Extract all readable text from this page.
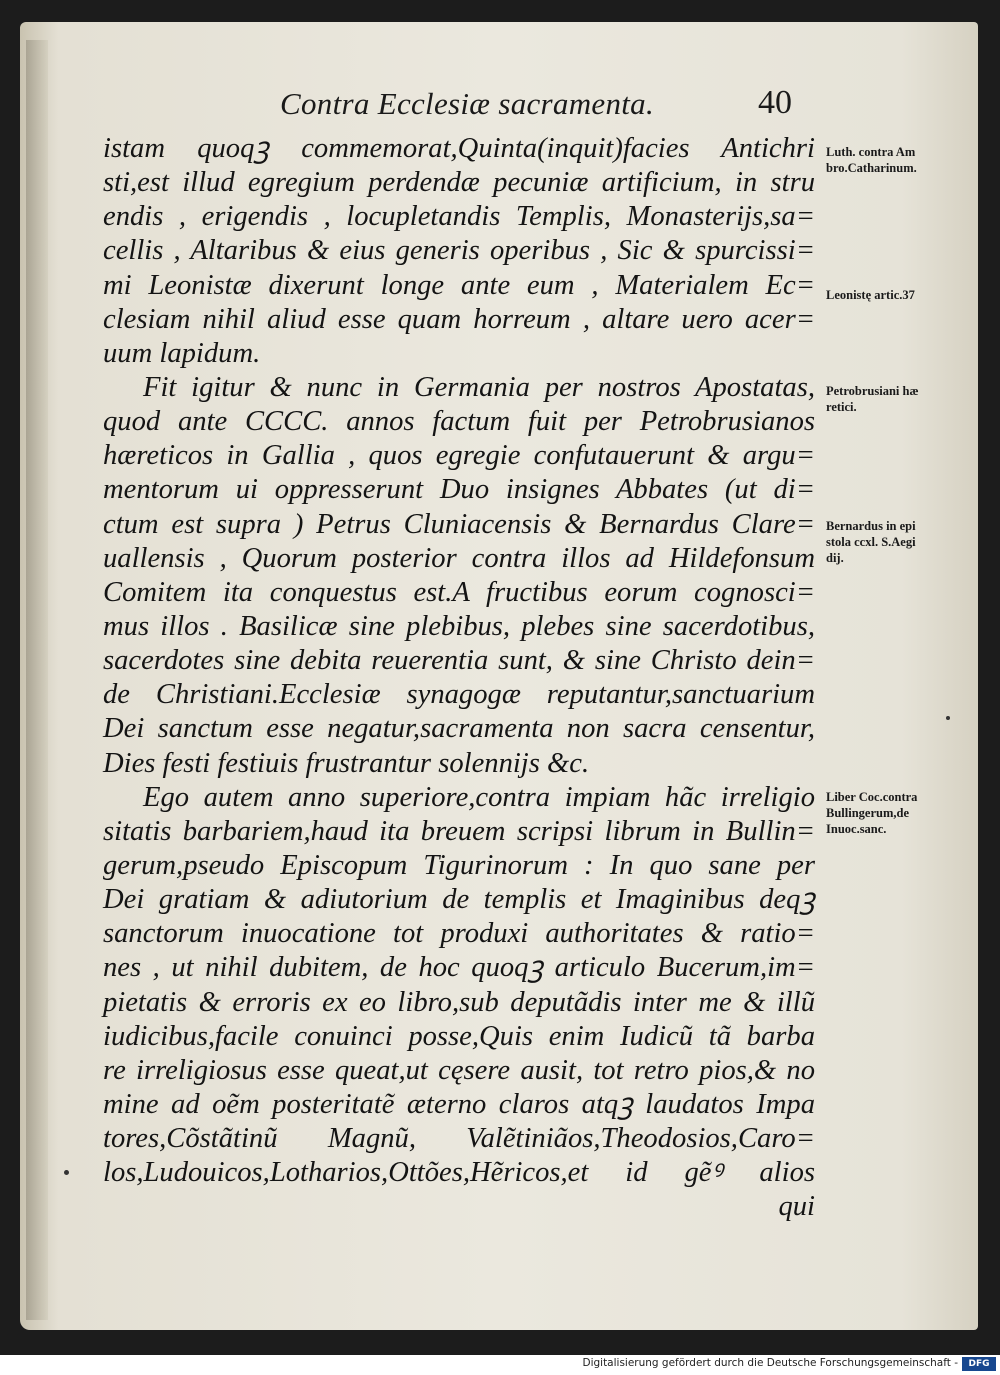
Contra Ecclesiæ sacramenta.	40
istam quoqꝫ commemorat,Quinta(inquit)facies Antichri
sti,est illud egregium perdendæ pecuniæ artificium, in stru
endis , erigendis , locupletandis Templis, Monasterijs,sa=
cellis , Altaribus & eius generis operibus , Sic & spurcissi=
mi Leonistæ dixerunt longe ante eum , Materialem Ec=
clesiam nihil aliud esse quam horreum , altare uero acer=
uum lapidum.
Fit igitur & nunc in Germania per nostros Apostatas,
quod ante CCCC. annos factum fuit per Petrobrusianos
hæreticos in Gallia , quos egregie confutauerunt & argu=
mentorum ui oppresserunt Duo insignes Abbates (ut di=
ctum est supra ) Petrus Cluniacensis & Bernardus Clare=
uallensis , Quorum posterior contra illos ad Hildefonsum
Comitem ita conquestus est.A fructibus eorum cognosci=
mus illos . Basilicæ sine plebibus, plebes sine sacerdotibus,
sacerdotes sine debita reuerentia sunt, & sine Christo dein=
de Christiani.Ecclesiæ synagogæ reputantur,sanctuarium
Dei sanctum esse negatur,sacramenta non sacra censentur,
Dies festi festiuis frustrantur solennijs &c.
Ego autem anno superiore,contra impiam hãc irreligio
sitatis barbariem,haud ita breuem scripsi librum in Bullin=
gerum,pseudo Episcopum Tigurinorum : In quo sane per
Dei gratiam & adiutorium de templis et Imaginibus deqꝫ
sanctorum inuocatione tot produxi authoritates & ratio=
nes , ut nihil dubitem, de hoc quoqꝫ articulo Bucerum,im=
pietatis & erroris ex eo libro,sub deputãdis inter me & illũ
iudicibus,facile conuinci posse,Quis enim Iudicũ tã barba
re irreligiosus esse queat,ut cęsere ausit, tot retro pios,& no
mine ad oẽm posteritatẽ æterno claros atqꝫ laudatos Impa
tores,Cõstãtinũ Magnũ, Valẽtiniãos,Theodosios,Caro=
los,Ludouicos,Lotharios,Ottões,Hẽricos,et id gẽꝰ alios
qui
Luth. contra Am
bro.Catharinum.
Leonistę artic.37
Petrobrusiani hæ
retici.
Bernardus in epi
stola ccxl. S.Aegi
dij.
Liber Coc.contra
Bullingerum,de
Inuoc.sanc.
Digitalisierung gefördert durch die Deutsche Forschungsgemeinschaft -	DFG
